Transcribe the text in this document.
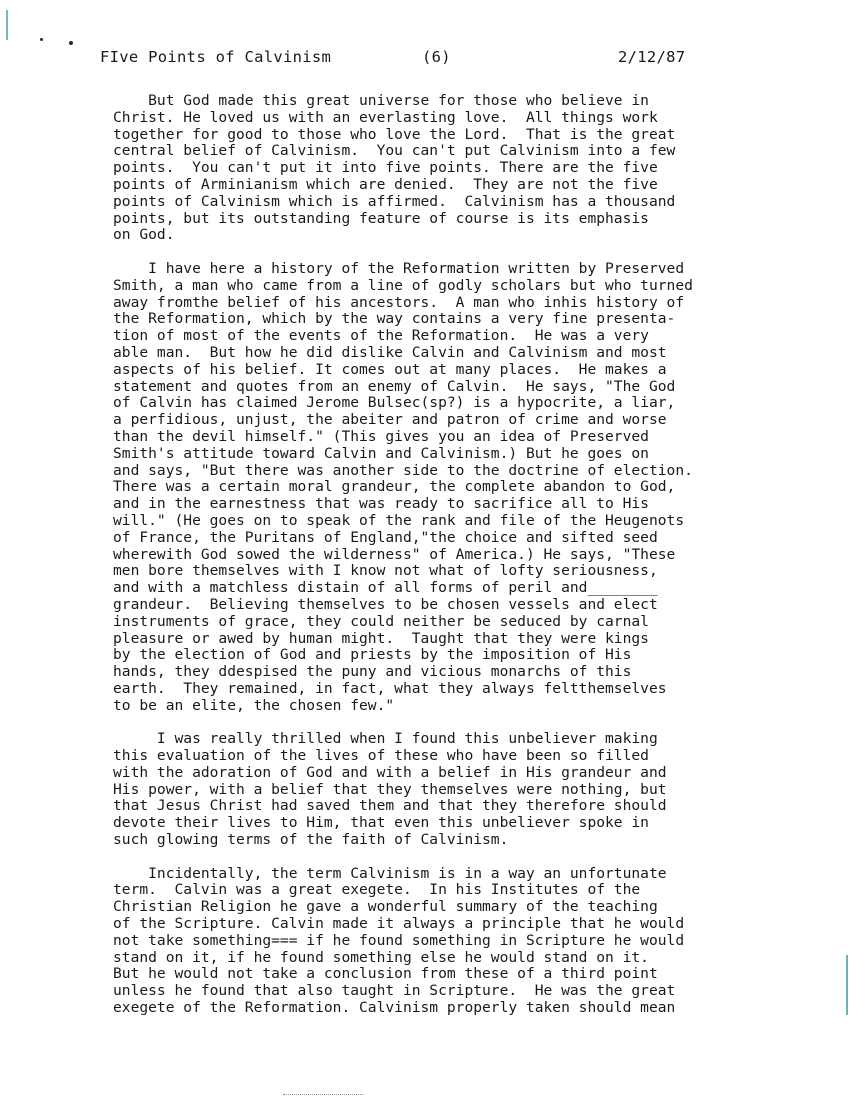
FIve Points of Calvinism	(6)	2/12/87
But God made this great universe for those who believe in
Christ. He loved us with an everlasting love.  All things work
together for good to those who love the Lord.  That is the great
central belief of Calvinism.  You can't put Calvinism into a few
points.  You can't put it into five points. There are the five
points of Arminianism which are denied.  They are not the five
points of Calvinism which is affirmed.  Calvinism has a thousand
points, but its outstanding feature of course is its emphasis
on God.
I have here a history of the Reformation written by Preserved
Smith, a man who came from a line of godly scholars but who turned
away fromthe belief of his ancestors.  A man who inhis history of
the Reformation, which by the way contains a very fine presenta-
tion of most of the events of the Reformation.  He was a very
able man.  But how he did dislike Calvin and Calvinism and most
aspects of his belief. It comes out at many places.  He makes a
statement and quotes from an enemy of Calvin.  He says, "The God
of Calvin has claimed Jerome Bulsec(sp?) is a hypocrite, a liar,
a perfidious, unjust, the abeiter and patron of crime and worse
than the devil himself." (This gives you an idea of Preserved
Smith's attitude toward Calvin and Calvinism.) But he goes on
and says, "But there was another side to the doctrine of election.
There was a certain moral grandeur, the complete abandon to God,
and in the earnestness that was ready to sacrifice all to His
will." (He goes on to speak of the rank and file of the Heugenots
of France, the Puritans of England,"the choice and sifted seed
wherewith God sowed the wilderness" of America.) He says, "These
men bore themselves with I know not what of lofty seriousness,
and with a matchless distain of all forms of peril and________
grandeur.  Believing themselves to be chosen vessels and elect
instruments of grace, they could neither be seduced by carnal
pleasure or awed by human might.  Taught that they were kings
by the election of God and priests by the imposition of His
hands, they ddespised the puny and vicious monarchs of this
earth.  They remained, in fact, what they always feltthemselves
to be an elite, the chosen few."
I was really thrilled when I found this unbeliever making
this evaluation of the lives of these who have been so filled
with the adoration of God and with a belief in His grandeur and
His power, with a belief that they themselves were nothing, but
that Jesus Christ had saved them and that they therefore should
devote their lives to Him, that even this unbeliever spoke in
such glowing terms of the faith of Calvinism.
Incidentally, the term Calvinism is in a way an unfortunate
term.  Calvin was a great exegete.  In his Institutes of the
Christian Religion he gave a wonderful summary of the teaching
of the Scripture. Calvin made it always a principle that he would
not take something=== if he found something in Scripture he would
stand on it, if he found something else he would stand on it.
But he would not take a conclusion from these of a third point
unless he found that also taught in Scripture.  He was the great
exegete of the Reformation. Calvinism properly taken should mean
